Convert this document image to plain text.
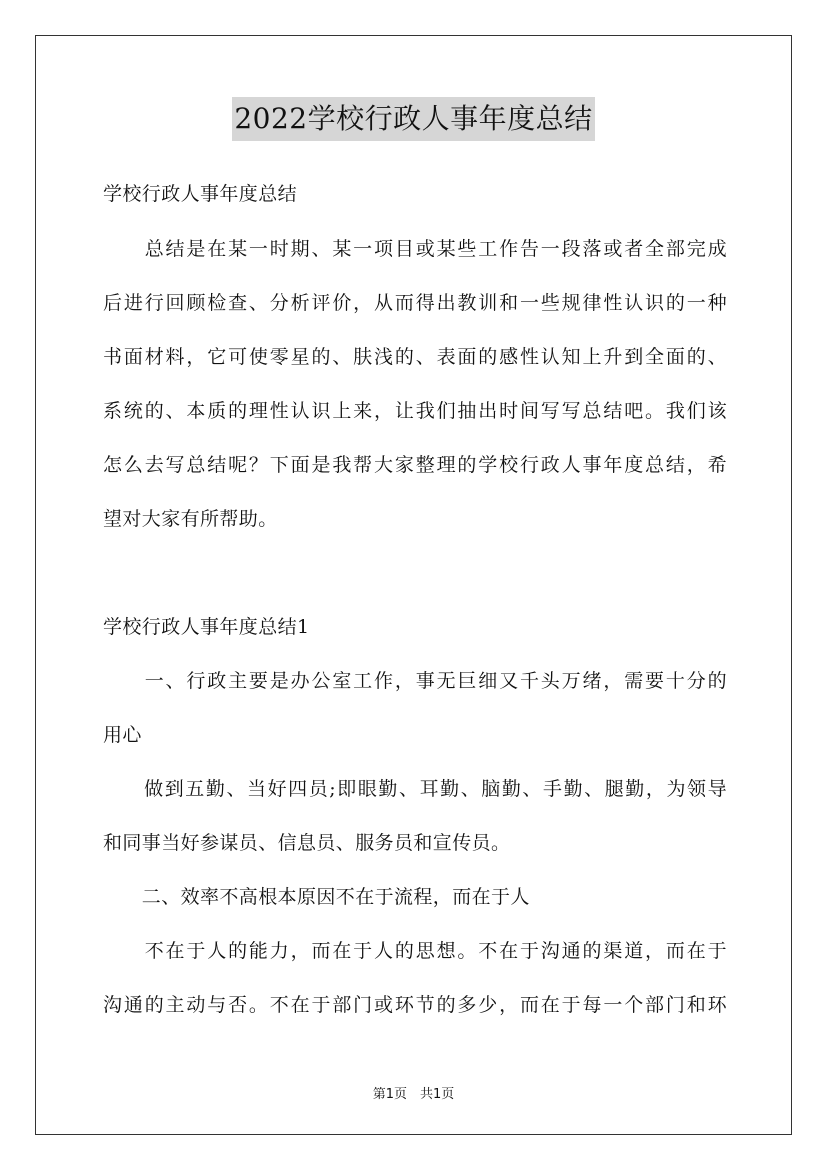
2022学校行政人事年度总结
学校行政人事年度总结
　　总结是在某一时期、某一项目或某些工作告一段落或者全部完成
后进行回顾检查、分析评价，从而得出教训和一些规律性认识的一种
书面材料，它可使零星的、肤浅的、表面的感性认知上升到全面的、
系统的、本质的理性认识上来，让我们抽出时间写写总结吧。我们该
怎么去写总结呢？下面是我帮大家整理的学校行政人事年度总结，希
望对大家有所帮助。
学校行政人事年度总结1
　　一、行政主要是办公室工作，事无巨细又千头万绪，需要十分的
用心
　　做到五勤、当好四员;即眼勤、耳勤、脑勤、手勤、腿勤，为领导
和同事当好参谋员、信息员、服务员和宣传员。
　　二、效率不高根本原因不在于流程，而在于人
　　不在于人的能力，而在于人的思想。不在于沟通的渠道，而在于
沟通的主动与否。不在于部门或环节的多少，而在于每一个部门和环
第1页　共1页
